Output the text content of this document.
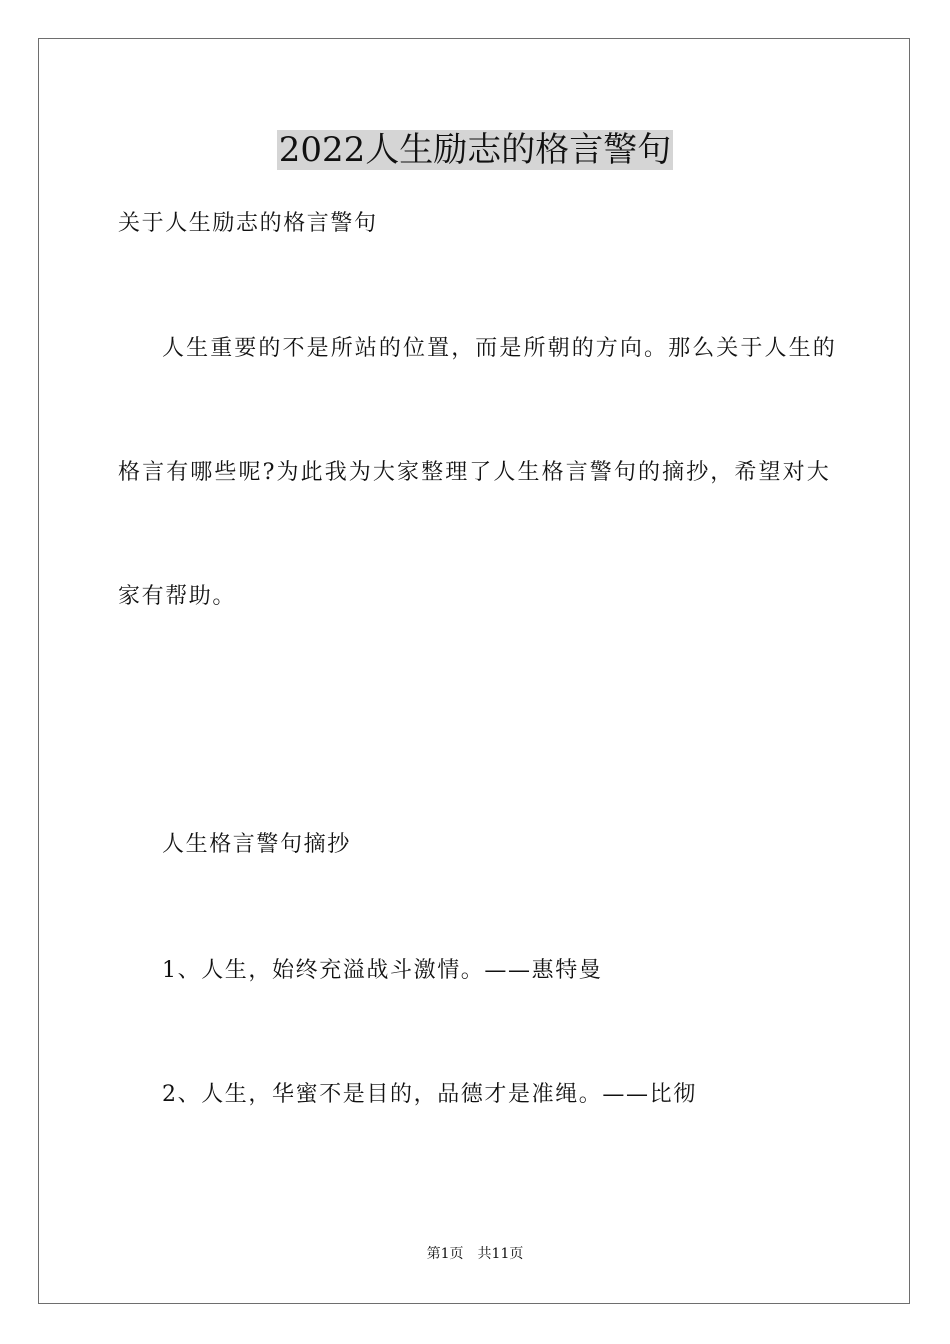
2022人生励志的格言警句
关于人生励志的格言警句
人生重要的不是所站的位置，而是所朝的方向。那么关于人生的
格言有哪些呢?为此我为大家整理了人生格言警句的摘抄，希望对大
家有帮助。
人生格言警句摘抄
1、人生，始终充溢战斗激情。——惠特曼
2、人生，华蜜不是目的，品德才是准绳。——比彻
第1页　共11页
